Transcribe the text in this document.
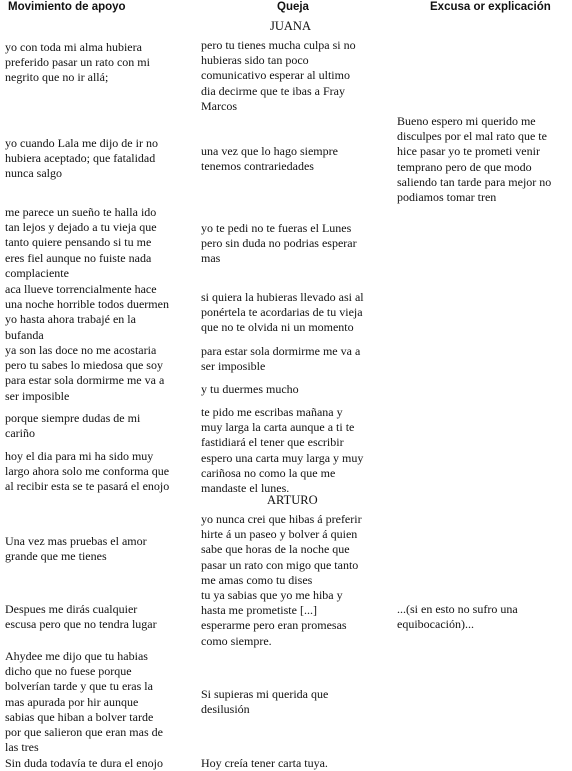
Movimiento de apoyo	Queja	Excusa or explicación
JUANA
ARTURO
yo con toda mi alma hubiera
preferido pasar un rato con mi
negrito que no ir allá;
yo cuando Lala me dijo de ir no
hubiera aceptado; que fatalidad
nunca salgo
me parece un sueño te halla ido
tan lejos y dejado a tu vieja que
tanto quiere pensando si tu me
eres fiel aunque no fuiste nada
complaciente
aca llueve torrencialmente hace
una noche horrible todos duermen
yo hasta ahora trabajé en la
bufanda
ya son las doce no me acostaria
pero tu sabes lo miedosa que soy
para estar sola dormirme me va a
ser imposible
porque siempre dudas de mi
cariño
hoy el dia para mi ha sido muy
largo ahora solo me conforma que
al recibir esta se te pasará el enojo
Una vez mas pruebas el amor
grande que me tienes
Despues me dirás cualquier
escusa pero que no tendra lugar
Ahydee me dijo que tu habias
dicho que no fuese porque
bolverían tarde y que tu eras la
mas apurada por hir aunque
sabias que hiban a bolver tarde
por que salieron que eran mas de
las tres
Sin duda todavía te dura el enojo
pero tu tienes mucha culpa si no
hubieras sido tan poco
comunicativo esperar al ultimo
dia decirme que te ibas a Fray
Marcos
una vez que lo hago siempre
tenemos contrariedades
yo te pedi no te fueras el Lunes
pero sin duda no podrias esperar
mas
si quiera la hubieras llevado asi al
ponértela te acordarias de tu vieja
que no te olvida ni un momento
para estar sola dormirme me va a
ser imposible
y tu duermes mucho
te pido me escribas mañana y
muy larga la carta aunque a ti te
fastidiará el tener que escribir
espero una carta muy larga y muy
cariñosa no como la que me
mandaste el lunes.
yo nunca crei que hibas á preferir
hirte á un paseo y bolver á quien
sabe que horas de la noche que
pasar un rato con migo que tanto
me amas como tu dises
tu ya sabias que yo me hiba y
hasta me prometiste [...]
esperarme pero eran promesas
como siempre.
Si supieras mi querida que
desilusión
Hoy creía tener carta tuya.
Bueno espero mi querido me
disculpes por el mal rato que te
hice pasar yo te prometi venir
temprano pero de que modo
saliendo tan tarde para mejor no
podiamos tomar tren
...(si en esto no sufro una
equibocación)...
